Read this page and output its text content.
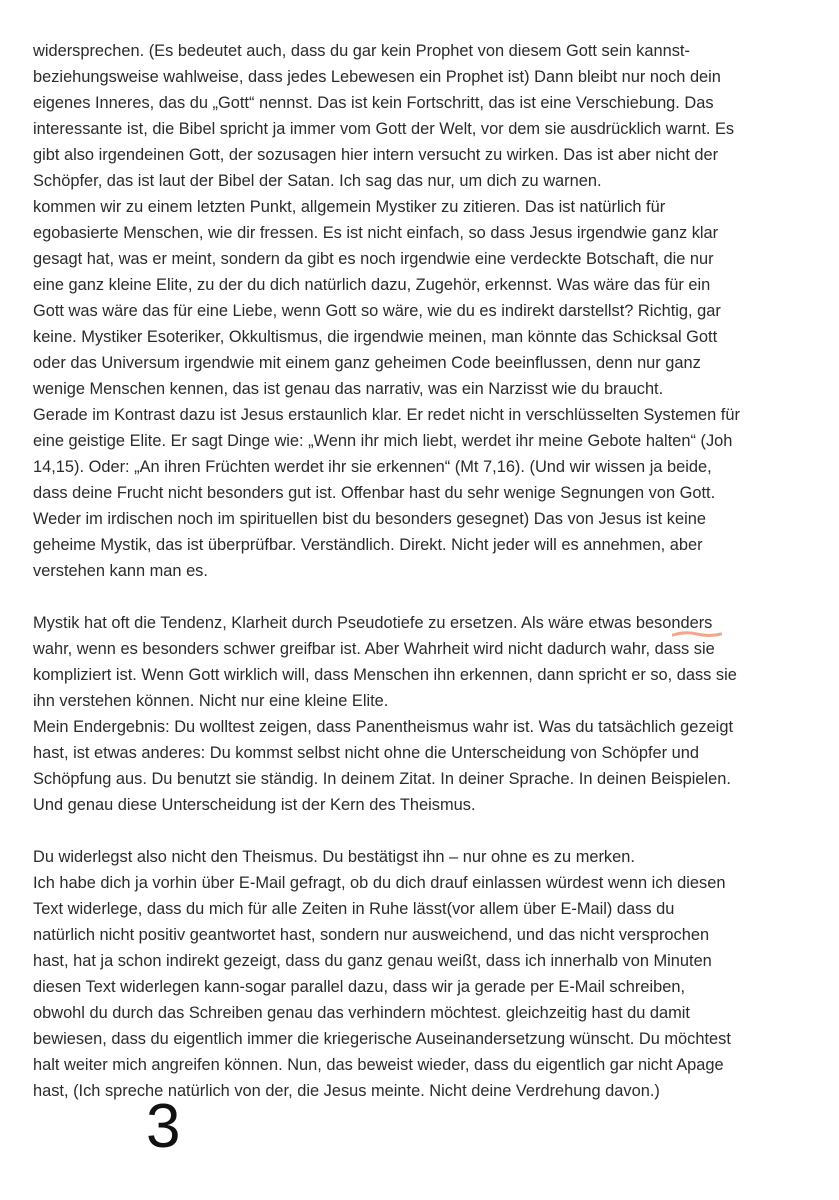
widersprechen. (Es bedeutet auch, dass du gar kein Prophet von diesem Gott sein kannst-
beziehungsweise wahlweise, dass jedes Lebewesen ein Prophet ist) Dann bleibt nur noch dein
eigenes Inneres, das du „Gott“ nennst. Das ist kein Fortschritt, das ist eine Verschiebung. Das
interessante ist, die Bibel spricht ja immer vom Gott der Welt, vor dem sie ausdrücklich warnt. Es
gibt also irgendeinen Gott, der sozusagen hier intern versucht zu wirken. Das ist aber nicht der
Schöpfer, das ist laut der Bibel der Satan. Ich sag das nur, um dich zu warnen.

kommen wir zu einem letzten Punkt, allgemein Mystiker zu zitieren. Das ist natürlich für
egobasierte Menschen, wie dir fressen. Es ist nicht einfach, so dass Jesus irgendwie ganz klar
gesagt hat, was er meint, sondern da gibt es noch irgendwie eine verdeckte Botschaft, die nur
eine ganz kleine Elite, zu der du dich natürlich dazu, Zugehör, erkennst. Was wäre das für ein
Gott was wäre das für eine Liebe, wenn Gott so wäre, wie du es indirekt darstellst? Richtig, gar
keine. Mystiker Esoteriker, Okkultismus, die irgendwie meinen, man könnte das Schicksal Gott
oder das Universum irgendwie mit einem ganz geheimen Code beeinflussen, denn nur ganz
wenige Menschen kennen, das ist genau das narrativ, was ein Narzisst wie du braucht.

Gerade im Kontrast dazu ist Jesus erstaunlich klar. Er redet nicht in verschlüsselten Systemen für
eine geistige Elite. Er sagt Dinge wie: „Wenn ihr mich liebt, werdet ihr meine Gebote halten“ (Joh
14,15). Oder: „An ihren Früchten werdet ihr sie erkennen“ (Mt 7,16). (Und wir wissen ja beide,
dass deine Frucht nicht besonders gut ist. Offenbar hast du sehr wenige Segnungen von Gott.
Weder im irdischen noch im spirituellen bist du besonders gesegnet) Das von Jesus ist keine
geheime Mystik, das ist überprüfbar. Verständlich. Direkt. Nicht jeder will es annehmen, aber
verstehen kann man es.

Mystik hat oft die Tendenz, Klarheit durch Pseudotiefe zu ersetzen. Als wäre etwas besonders
wahr, wenn es besonders schwer greifbar ist. Aber Wahrheit wird nicht dadurch wahr, dass sie
kompliziert ist. Wenn Gott wirklich will, dass Menschen ihn erkennen, dann spricht er so, dass sie
ihn verstehen können. Nicht nur eine kleine Elite.

Mein Endergebnis: Du wolltest zeigen, dass Panentheismus wahr ist. Was du tatsächlich gezeigt
hast, ist etwas anderes: Du kommst selbst nicht ohne die Unterscheidung von Schöpfer und
Schöpfung aus. Du benutzt sie ständig. In deinem Zitat. In deiner Sprache. In deinen Beispielen.
Und genau diese Unterscheidung ist der Kern des Theismus.

Du widerlegst also nicht den Theismus. Du bestätigst ihn – nur ohne es zu merken.

Ich habe dich ja vorhin über E-Mail gefragt, ob du dich drauf einlassen würdest wenn ich diesen
Text widerlege, dass du mich für alle Zeiten in Ruhe lässt(vor allem über E-Mail) dass du
natürlich nicht positiv geantwortet hast, sondern nur ausweichend, und das nicht versprochen
hast, hat ja schon indirekt gezeigt, dass du ganz genau weißt, dass ich innerhalb von Minuten
diesen Text widerlegen kann-sogar parallel dazu, dass wir ja gerade per E-Mail schreiben,
obwohl du durch das Schreiben genau das verhindern möchtest. gleichzeitig hast du damit
bewiesen, dass du eigentlich immer die kriegerische Auseinandersetzung wünscht. Du möchtest
halt weiter mich angreifen können. Nun, das beweist wieder, dass du eigentlich gar nicht Apage
hast, (Ich spreche natürlich von der, die Jesus meinte. Nicht deine Verdrehung davon.)

3
